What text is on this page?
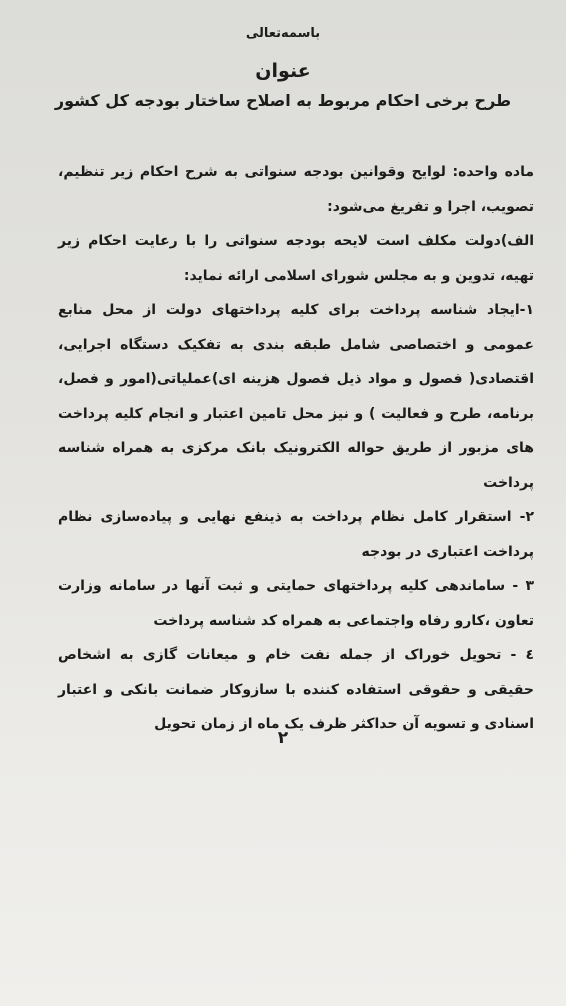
باسمه‌تعالی
عنوان
طرح برخی احکام مربوط به اصلاح ساختار بودجه کل کشور

ماده واحده: لوایح وقوانین بودجه سنواتی به شرح احکام زیر تنظیم، تصویب، اجرا و تفریغ می‌شود:

الف)دولت مکلف است لایحه بودجه سنواتی را با رعایت احکام زیر تهیه، تدوین و به مجلس شورای اسلامی ارائه نماید:

۱-ایجاد شناسه پرداخت برای کلیه پرداختهای دولت از محل منابع عمومی و اختصاصی شامل طبقه بندی به تفکیک دستگاه اجرایی، اقتصادی( فصول و مواد ذیل فصول هزینه ای)عملیاتی(امور و فصل، برنامه، طرح و فعالیت ) و نیز محل تامین اعتبار و انجام کلیه پرداخت های مزبور از طریق حواله الکترونیک بانک مرکزی به همراه شناسه پرداخت

۲- استقرار کامل نظام پرداخت به ذینفع نهایی و پیاده‌سازی نظام پرداخت اعتباری در بودجه

۳ - ساماندهی کلیه پرداختهای حمایتی و ثبت آنها در سامانه وزارت تعاون ،کارو رفاه واجتماعی به همراه کد شناسه پرداخت

٤ - تحویل خوراک از جمله نفت خام و میعانات گازی به اشخاص حقیقی و حقوقی استفاده کننده با سازوکار ضمانت بانکی و اعتبار اسنادی و تسویه آن حداکثر ظرف یک ماه از زمان تحویل

۲
